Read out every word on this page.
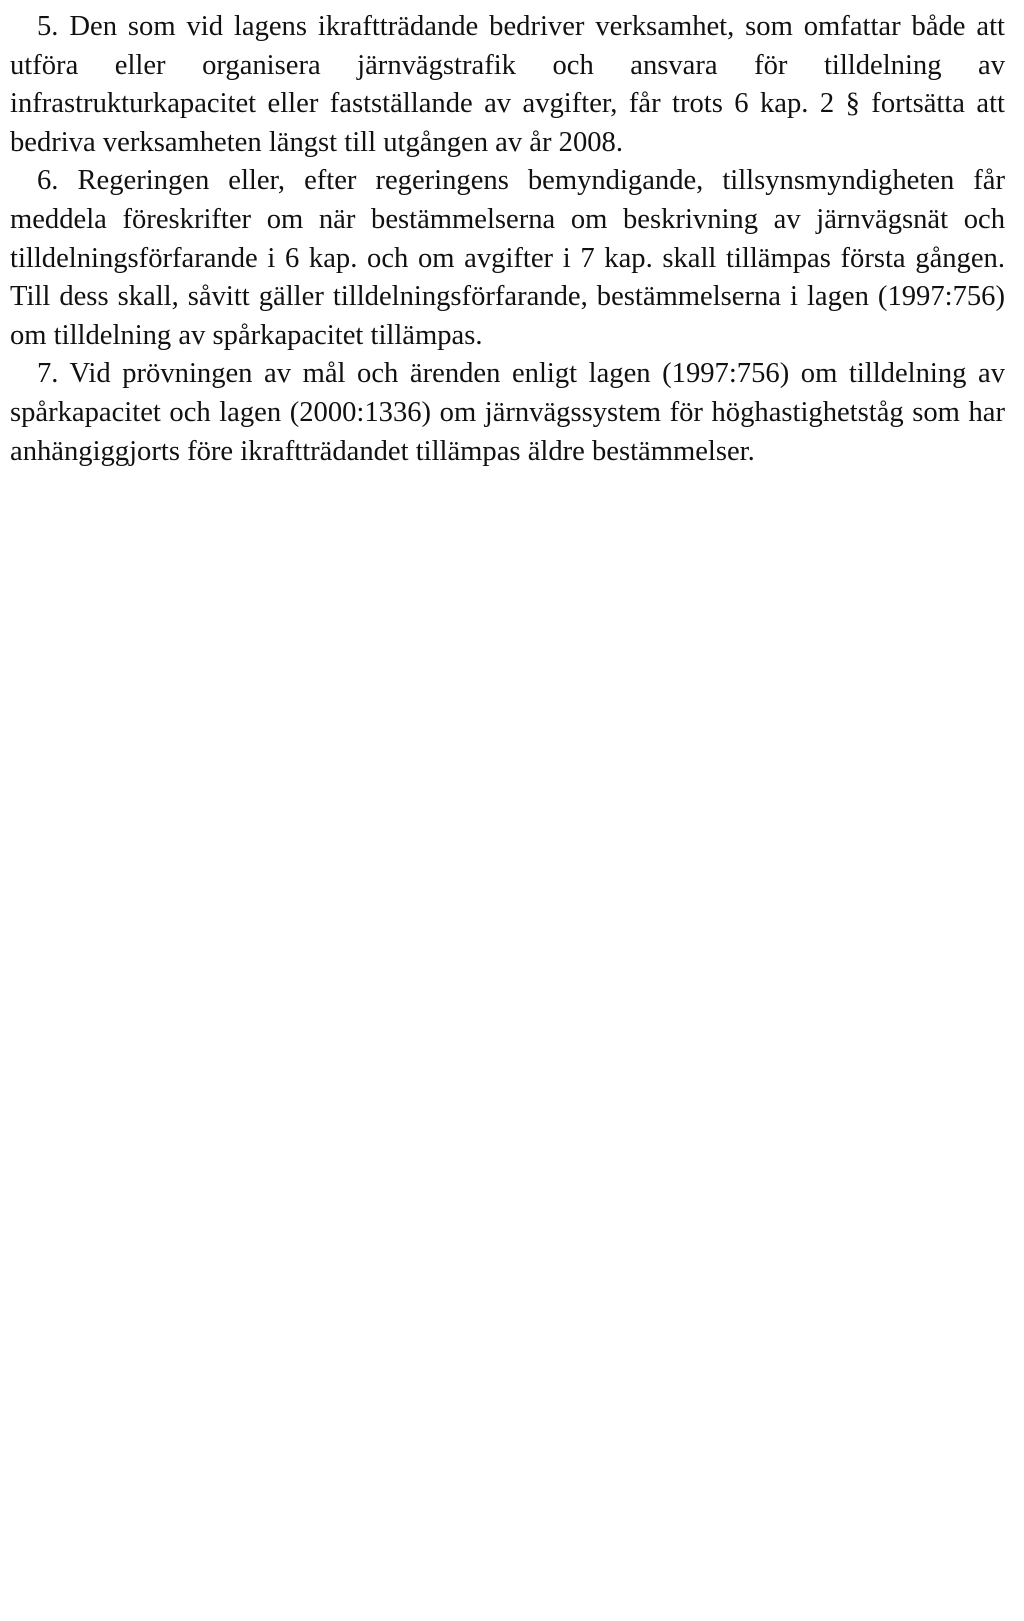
5. Den som vid lagens ikraftträdande bedriver verksamhet, som omfattar både att utföra eller organisera järnvägstrafik och ansvara för tilldelning av infrastrukturkapacitet eller fastställande av avgifter, får trots 6 kap. 2 § fortsätta att bedriva verksamheten längst till utgången av år 2008.

6. Regeringen eller, efter regeringens bemyndigande, tillsynsmyndigheten får meddela föreskrifter om när bestämmelserna om beskrivning av järnvägsnät och tilldelningsförfarande i 6 kap. och om avgifter i 7 kap. skall tillämpas första gången. Till dess skall, såvitt gäller tilldelningsförfarande, bestämmelserna i lagen (1997:756) om tilldelning av spårkapacitet tillämpas.

7. Vid prövningen av mål och ärenden enligt lagen (1997:756) om tilldelning av spårkapacitet och lagen (2000:1336) om järnvägssystem för höghastighetståg som har anhängiggjorts före ikraftträdandet tillämpas äldre bestämmelser.
